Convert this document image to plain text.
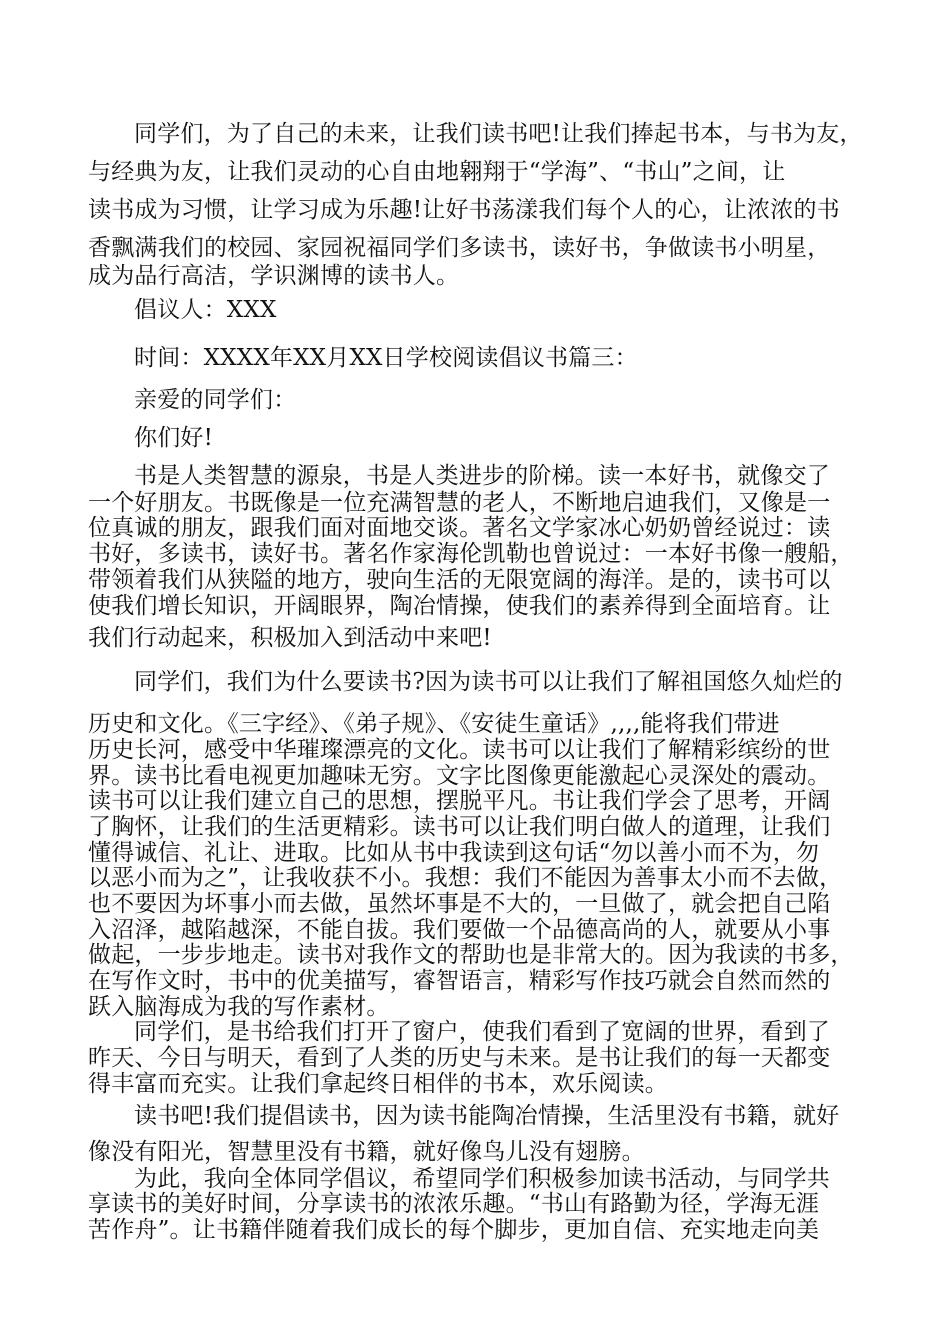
同学们，为了自己的未来，让我们读书吧!让我们捧起书本，与书为友，
与经典为友，让我们灵动的心自由地翱翔于“学海”、“书山”之间，让
读书成为习惯，让学习成为乐趣!让好书荡漾我们每个人的心，让浓浓的书
香飘满我们的校园、家园祝福同学们多读书，读好书，争做读书小明星，
成为品行高洁，学识渊博的读书人。
倡议人：XXX
时间：XXXX年XX月XX日学校阅读倡议书篇三：
亲爱的同学们：
你们好!
书是人类智慧的源泉，书是人类进步的阶梯。读一本好书，就像交了
一个好朋友。书既像是一位充满智慧的老人，不断地启迪我们，又像是一
位真诚的朋友，跟我们面对面地交谈。著名文学家冰心奶奶曾经说过：读
书好，多读书，读好书。著名作家海伦凯勒也曾说过：一本好书像一艘船，
带领着我们从狭隘的地方，驶向生活的无限宽阔的海洋。是的，读书可以
使我们增长知识，开阔眼界，陶冶情操，使我们的素养得到全面培育。让
我们行动起来，积极加入到活动中来吧!
同学们，我们为什么要读书?因为读书可以让我们了解祖国悠久灿烂的
历史和文化。《三字经》、《弟子规》、《安徒生童话》,,,,能将我们带进
历史长河，感受中华璀璨漂亮的文化。读书可以让我们了解精彩缤纷的世
界。读书比看电视更加趣味无穷。文字比图像更能激起心灵深处的震动。
读书可以让我们建立自己的思想，摆脱平凡。书让我们学会了思考，开阔
了胸怀，让我们的生活更精彩。读书可以让我们明白做人的道理，让我们
懂得诚信、礼让、进取。比如从书中我读到这句话“勿以善小而不为，勿
以恶小而为之”，让我收获不小。我想：我们不能因为善事太小而不去做，
也不要因为坏事小而去做，虽然坏事是不大的，一旦做了，就会把自己陷
入沼泽，越陷越深，不能自拔。我们要做一个品德高尚的人，就要从小事
做起，一步步地走。读书对我作文的帮助也是非常大的。因为我读的书多，
在写作文时，书中的优美描写，睿智语言，精彩写作技巧就会自然而然的
跃入脑海成为我的写作素材。
同学们，是书给我们打开了窗户，使我们看到了宽阔的世界，看到了
昨天、今日与明天，看到了人类的历史与未来。是书让我们的每一天都变
得丰富而充实。让我们拿起终日相伴的书本，欢乐阅读。
读书吧!我们提倡读书，因为读书能陶冶情操，生活里没有书籍，就好
像没有阳光，智慧里没有书籍，就好像鸟儿没有翅膀。
为此，我向全体同学倡议，希望同学们积极参加读书活动，与同学共
享读书的美好时间，分享读书的浓浓乐趣。“书山有路勤为径，学海无涯
苦作舟”。让书籍伴随着我们成长的每个脚步，更加自信、充实地走向美
